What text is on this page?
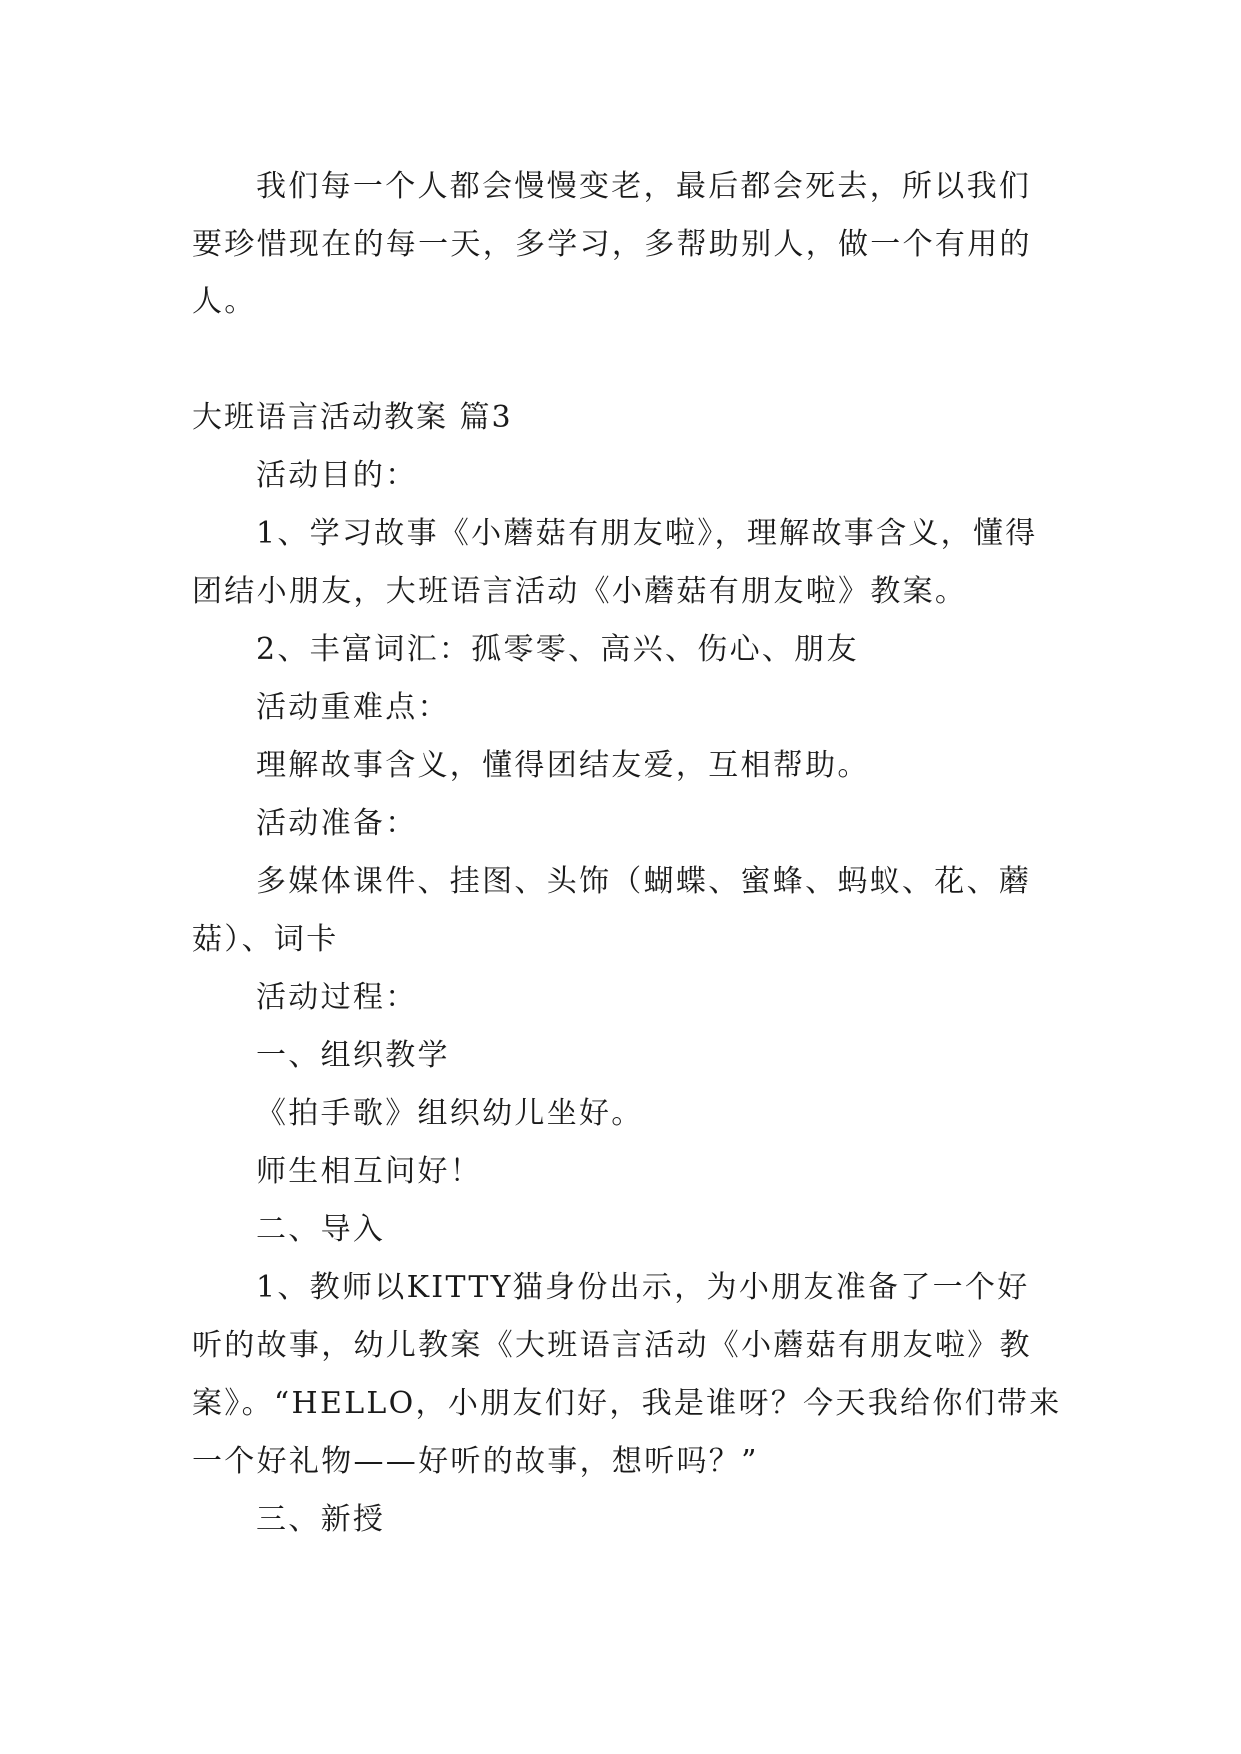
我们每一个人都会慢慢变老，最后都会死去，所以我们
要珍惜现在的每一天，多学习，多帮助别人，做一个有用的
人。
大班语言活动教案 篇3
活动目的：
1、学习故事《小蘑菇有朋友啦》，理解故事含义，懂得
团结小朋友，大班语言活动《小蘑菇有朋友啦》教案。
2、丰富词汇：孤零零、高兴、伤心、朋友
活动重难点：
理解故事含义，懂得团结友爱，互相帮助。
活动准备：
多媒体课件、挂图、头饰（蝴蝶、蜜蜂、蚂蚁、花、蘑
菇）、词卡
活动过程：
一、组织教学
《拍手歌》组织幼儿坐好。
师生相互问好！
二、导入
1、教师以KITTY猫身份出示，为小朋友准备了一个好
听的故事，幼儿教案《大班语言活动《小蘑菇有朋友啦》教
案》。“HELLO，小朋友们好，我是谁呀？今天我给你们带来
一个好礼物——好听的故事，想听吗？”
三、新授
